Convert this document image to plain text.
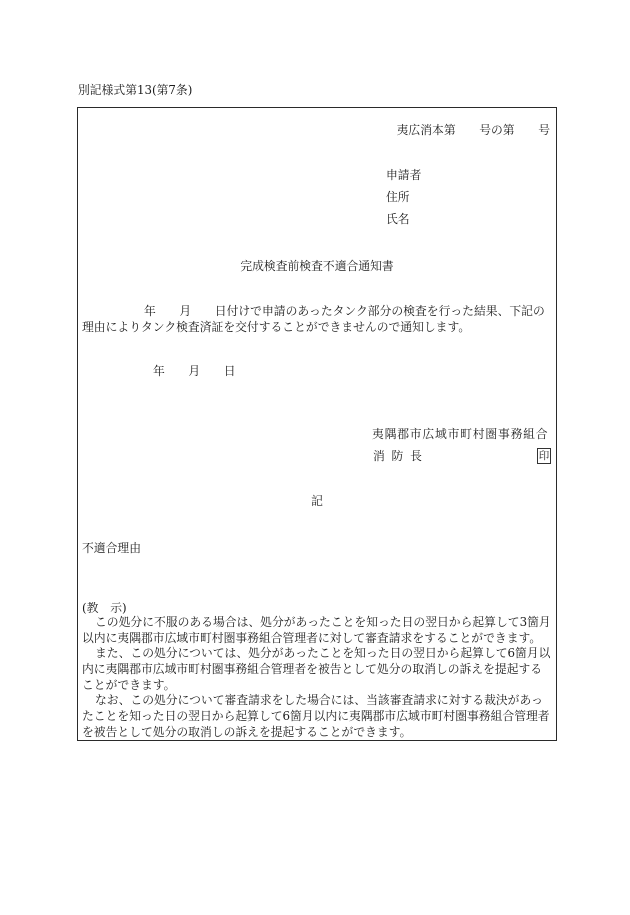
別記様式第13(第7条)
夷広消本第　　号の第　　号
申請者
住所
氏名
完成検査前検査不適合通知書
年　　月　　日付けで申請のあったタンク部分の検査を行った結果、下記の
理由によりタンク検査済証を交付することができませんので通知します。
年　　月　　日
夷隅郡市広域市町村圏事務組合
消 防 長	印
記
不適合理由
(教　示)
この処分に不服のある場合は、処分があったことを知った日の翌日から起算して3箇月
以内に夷隅郡市広域市町村圏事務組合管理者に対して審査請求をすることができます。
また、この処分については、処分があったことを知った日の翌日から起算して6箇月以
内に夷隅郡市広域市町村圏事務組合管理者を被告として処分の取消しの訴えを提起する
ことができます。
なお、この処分について審査請求をした場合には、当該審査請求に対する裁決があっ
たことを知った日の翌日から起算して6箇月以内に夷隅郡市広域市町村圏事務組合管理者
を被告として処分の取消しの訴えを提起することができます。
